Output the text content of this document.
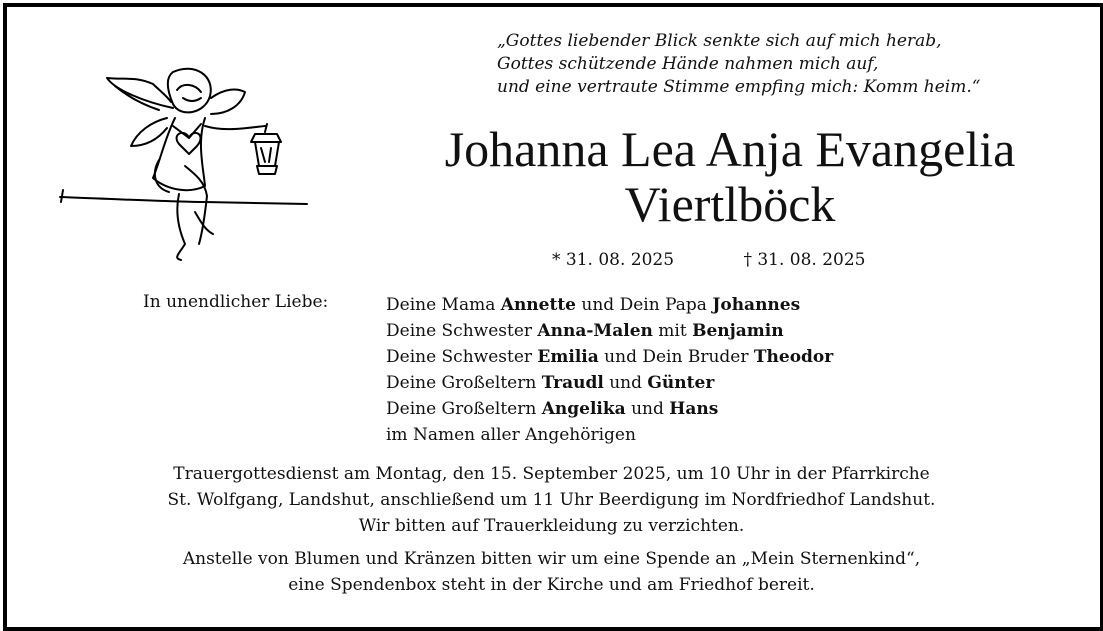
„Gottes liebender Blick senkte sich auf mich herab,
Gottes schützende Hände nahmen mich auf,
und eine vertraute Stimme empfing mich: Komm heim.“
Johanna Lea Anja Evangelia
Viertlböck
* 31. 08. 2025	† 31. 08. 2025
In unendlicher Liebe:	Deine Mama Annette und Dein Papa Johannes
Deine Schwester Anna-Malen mit Benjamin
Deine Schwester Emilia und Dein Bruder Theodor
Deine Großeltern Traudl und Günter
Deine Großeltern Angelika und Hans
im Namen aller Angehörigen
Trauergottesdienst am Montag, den 15. September 2025, um 10 Uhr in der Pfarrkirche
St. Wolfgang, Landshut, anschließend um 11 Uhr Beerdigung im Nordfriedhof Landshut.
Wir bitten auf Trauerkleidung zu verzichten.
Anstelle von Blumen und Kränzen bitten wir um eine Spende an „Mein Sternenkind“,
eine Spendenbox steht in der Kirche und am Friedhof bereit.
